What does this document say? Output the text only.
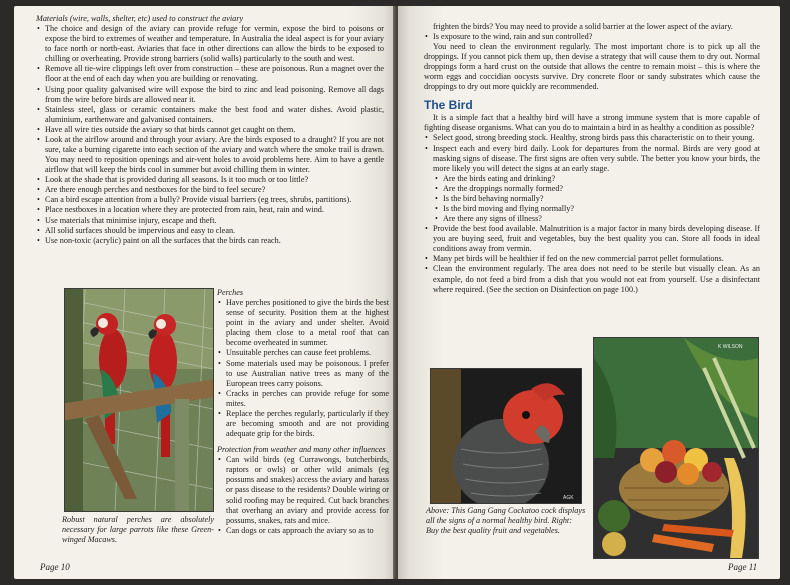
Materials (wire, walls, shelter, etc) used to construct the aviary

• The choice and design of the aviary can provide refuge for vermin, expose the bird to poisons or expose the bird to extremes of weather and temperature. In Australia the ideal aspect is for your aviary to face north or north-east. Aviaries that face in other directions can allow the birds to be exposed to chilling or overheating. Provide strong barriers (solid walls) particularly to the south and west.
• Remove all tie-wire clippings left over from construction – these are poisonous. Run a magnet over the floor at the end of each day when you are building or renovating.
• Using poor quality galvanised wire will expose the bird to zinc and lead poisoning. Remove all dags from the wire before birds are allowed near it.
• Stainless steel, glass or ceramic containers make the best food and water dishes. Avoid plastic, aluminium, earthenware and galvanised containers.
• Have all wire ties outside the aviary so that birds cannot get caught on them.
• Look at the airflow around and through your aviary. Are the birds exposed to a draught? If you are not sure, take a burning cigarette into each section of the aviary and watch where the smoke trail is drawn. You may need to reposition openings and air-vent holes to avoid problems here. Aim to have a gentle airflow that will keep the birds cool in summer but avoid chilling them in winter.
• Look at the shade that is provided during all seasons. Is it too much or too little?
• Are there enough perches and nestboxes for the bird to feel secure?
• Can a bird escape attention from a bully? Provide visual barriers (eg trees, shrubs, partitions).
• Place nestboxes in a location where they are protected from rain, heat, rain and wind.
• Use materials that minimise injury, escape and theft.
• All solid surfaces should be impervious and easy to clean.
• Use non-toxic (acrylic) paint on all the surfaces that the birds can reach.

Robust natural perches are absolutely necessary for large parrots like these Green-winged Macaws.

Perches

• Have perches positioned to give the birds the best sense of security. Position them at the highest point in the aviary and under shelter. Avoid placing them close to a metal roof that can become overheated in summer.
• Unsuitable perches can cause feet problems.
• Some materials used may be poisonous. I prefer to use Australian native trees as many of the European trees carry poisons.
• Cracks in perches can provide refuge for some mites.
• Replace the perches regularly, particularly if they are becoming smooth and are not providing adequate grip for the birds.

Protection from weather and many other influences

• Can wild birds (eg Currawongs, butcherbirds, raptors or owls) or other wild animals (eg possums and snakes) access the aviary and harass or pass disease to the residents? Double wiring or solid roofing may be required. Cut back branches that overhang an aviary and provide access for possums, snakes, rats and mice.
• Can dogs or cats approach the aviary so as to
Page 10

frighten the birds? You may need to provide a solid barrier at the lower aspect of the aviary.

• Is exposure to the wind, rain and sun controlled?

You need to clean the environment regularly. The most important chore is to pick up all the droppings. If you cannot pick them up, then devise a strategy that will cause them to dry out. Normal droppings form a hard crust on the outside that allows the centre to remain moist – this is where the worm eggs and coccidian oocysts survive. Dry concrete floor or sandy substrates which cause the droppings to dry out more quickly are recommended.

The Bird

It is a simple fact that a healthy bird will have a strong immune system that is more capable of fighting disease organisms. What can you do to maintain a bird in as healthy a condition as possible?

• Select good, strong breeding stock. Healthy, strong birds pass this characteristic on to their young.
• Inspect each and every bird daily. Look for departures from the normal. Birds are very good at masking signs of disease. The first signs are often very subtle. The better you know your birds, the more likely you will detect the signs at an early stage.
• Are the birds eating and drinking?
• Are the droppings normally formed?
• Is the bird behaving normally?
• Is the bird moving and flying normally?
• Are there any signs of illness?
• Provide the best food available. Malnutrition is a major factor in many birds developing disease. If you are buying seed, fruit and vegetables, buy the best quality you can. Store all foods in ideal conditions away from vermin.
• Many pet birds will be healthier if fed on the new commercial parrot pellet formulations.
• Clean the environment regularly. The area does not need to be sterile but visually clean. As an example, do not feed a bird from a dish that you would not eat from yourself. Use a disinfectant where required. (See the section on Disinfection on page 100.)
AGK

Above: This Gang Gang Cockatoo cock displays all the signs of a normal healthy bird. Right: Buy the best quality fruit and vegetables.

K WILSON
Page 11
